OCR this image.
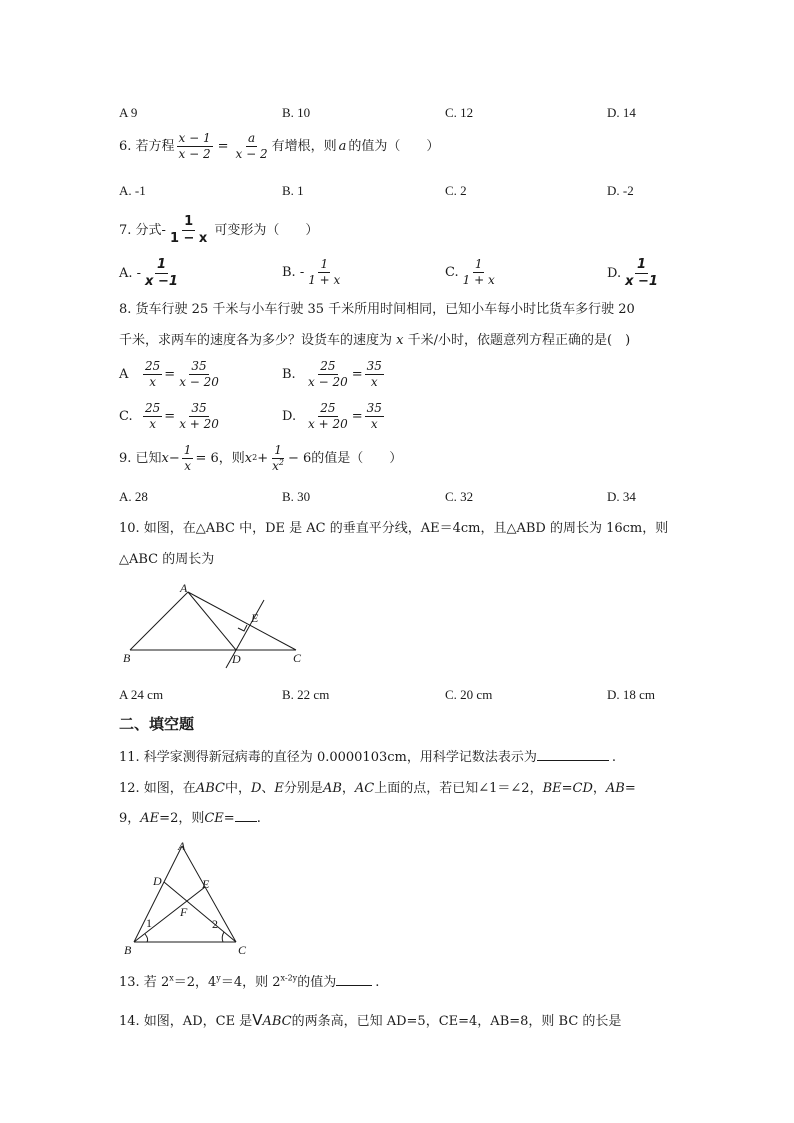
A 9	B. 10	C. 12	D. 14
6. 若方程 $\frac{x - 1}{x - 2} = \frac{a}{x - 2}$ 有增根，则 a 的值为（　　）
A. -1	B. 1	C. 2	D. -2
7. 分式- $\frac{1}{1 - x}$ 可变形为（　　）
A. - $\frac{1}{x -1}$	B. - $\frac{1}{1 + x}$	C. $\frac{1}{1 + x}$	D. $\frac{1}{x -1}$
8. 货车行驶 25 千米与小车行驶 35 千米所用时间相同，已知小车每小时比货车多行驶 20
千米，求两车的速度各为多少？设货车的速度为 x 千米/小时，依题意列方程正确的是(　)
A	$\frac{25}{x} = \frac{35}{x - 20}$	B. $\frac{25}{x - 20} = \frac{35}{x}$
C. $\frac{25}{x} = \frac{35}{x + 20}$	D. $\frac{25}{x + 20} = \frac{35}{x}$
9. 已知 $x - \frac{1}{x} = 6$ ，则 x $2 + \frac{1}{x^2} - 6$ 的值是（　　）
A. 28	B. 30	C. 32	D. 34
10. 如图，在△ABC 中，DE 是 AC 的垂直平分线，AE＝4cm，且△ABD 的周长为 16cm，则
△ABC 的周长为
A
B	C
D
E
A 24 cm	B. 22 cm	C. 20 cm	D. 18 cm
二、填空题
11. 科学家测得新冠病毒的直径为 0.0000103cm，用科学记数法表示为	.
12. 如图，在ABC中，D、E分别是AB，AC上面的点，若已知∠1＝∠2，BE=CD，AB=
9，AE=2，则CE= .
A
B	C
D	E
F
1	2
13. 若 $2^x=2$，$4^y=4$，则 $2^{x-2y}$的值为	.
14. 如图，AD，CE 是VABC的两条高，已知 AD=5，CE=4，AB=8，则 BC 的长是
